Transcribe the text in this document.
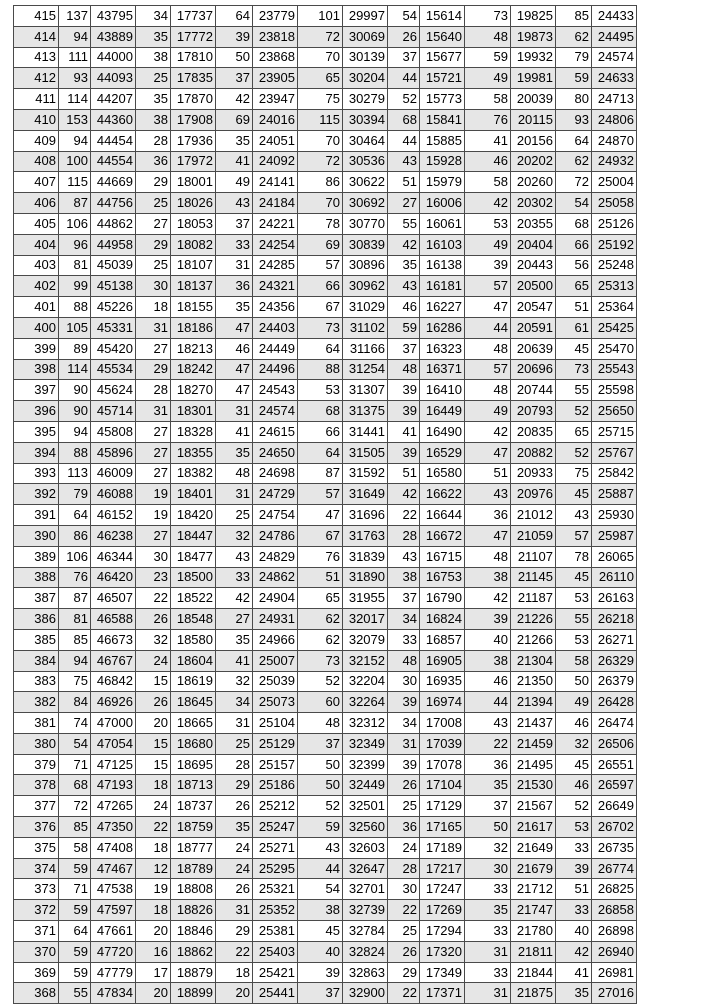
415	137	43795	34	17737	64	23779	101	29997	54	15614	73	19825	85	24433
414	94	43889	35	17772	39	23818	72	30069	26	15640	48	19873	62	24495
413	111	44000	38	17810	50	23868	70	30139	37	15677	59	19932	79	24574
412	93	44093	25	17835	37	23905	65	30204	44	15721	49	19981	59	24633
411	114	44207	35	17870	42	23947	75	30279	52	15773	58	20039	80	24713
410	153	44360	38	17908	69	24016	115	30394	68	15841	76	20115	93	24806
409	94	44454	28	17936	35	24051	70	30464	44	15885	41	20156	64	24870
408	100	44554	36	17972	41	24092	72	30536	43	15928	46	20202	62	24932
407	115	44669	29	18001	49	24141	86	30622	51	15979	58	20260	72	25004
406	87	44756	25	18026	43	24184	70	30692	27	16006	42	20302	54	25058
405	106	44862	27	18053	37	24221	78	30770	55	16061	53	20355	68	25126
404	96	44958	29	18082	33	24254	69	30839	42	16103	49	20404	66	25192
403	81	45039	25	18107	31	24285	57	30896	35	16138	39	20443	56	25248
402	99	45138	30	18137	36	24321	66	30962	43	16181	57	20500	65	25313
401	88	45226	18	18155	35	24356	67	31029	46	16227	47	20547	51	25364
400	105	45331	31	18186	47	24403	73	31102	59	16286	44	20591	61	25425
399	89	45420	27	18213	46	24449	64	31166	37	16323	48	20639	45	25470
398	114	45534	29	18242	47	24496	88	31254	48	16371	57	20696	73	25543
397	90	45624	28	18270	47	24543	53	31307	39	16410	48	20744	55	25598
396	90	45714	31	18301	31	24574	68	31375	39	16449	49	20793	52	25650
395	94	45808	27	18328	41	24615	66	31441	41	16490	42	20835	65	25715
394	88	45896	27	18355	35	24650	64	31505	39	16529	47	20882	52	25767
393	113	46009	27	18382	48	24698	87	31592	51	16580	51	20933	75	25842
392	79	46088	19	18401	31	24729	57	31649	42	16622	43	20976	45	25887
391	64	46152	19	18420	25	24754	47	31696	22	16644	36	21012	43	25930
390	86	46238	27	18447	32	24786	67	31763	28	16672	47	21059	57	25987
389	106	46344	30	18477	43	24829	76	31839	43	16715	48	21107	78	26065
388	76	46420	23	18500	33	24862	51	31890	38	16753	38	21145	45	26110
387	87	46507	22	18522	42	24904	65	31955	37	16790	42	21187	53	26163
386	81	46588	26	18548	27	24931	62	32017	34	16824	39	21226	55	26218
385	85	46673	32	18580	35	24966	62	32079	33	16857	40	21266	53	26271
384	94	46767	24	18604	41	25007	73	32152	48	16905	38	21304	58	26329
383	75	46842	15	18619	32	25039	52	32204	30	16935	46	21350	50	26379
382	84	46926	26	18645	34	25073	60	32264	39	16974	44	21394	49	26428
381	74	47000	20	18665	31	25104	48	32312	34	17008	43	21437	46	26474
380	54	47054	15	18680	25	25129	37	32349	31	17039	22	21459	32	26506
379	71	47125	15	18695	28	25157	50	32399	39	17078	36	21495	45	26551
378	68	47193	18	18713	29	25186	50	32449	26	17104	35	21530	46	26597
377	72	47265	24	18737	26	25212	52	32501	25	17129	37	21567	52	26649
376	85	47350	22	18759	35	25247	59	32560	36	17165	50	21617	53	26702
375	58	47408	18	18777	24	25271	43	32603	24	17189	32	21649	33	26735
374	59	47467	12	18789	24	25295	44	32647	28	17217	30	21679	39	26774
373	71	47538	19	18808	26	25321	54	32701	30	17247	33	21712	51	26825
372	59	47597	18	18826	31	25352	38	32739	22	17269	35	21747	33	26858
371	64	47661	20	18846	29	25381	45	32784	25	17294	33	21780	40	26898
370	59	47720	16	18862	22	25403	40	32824	26	17320	31	21811	42	26940
369	59	47779	17	18879	18	25421	39	32863	29	17349	33	21844	41	26981
368	55	47834	20	18899	20	25441	37	32900	22	17371	31	21875	35	27016
